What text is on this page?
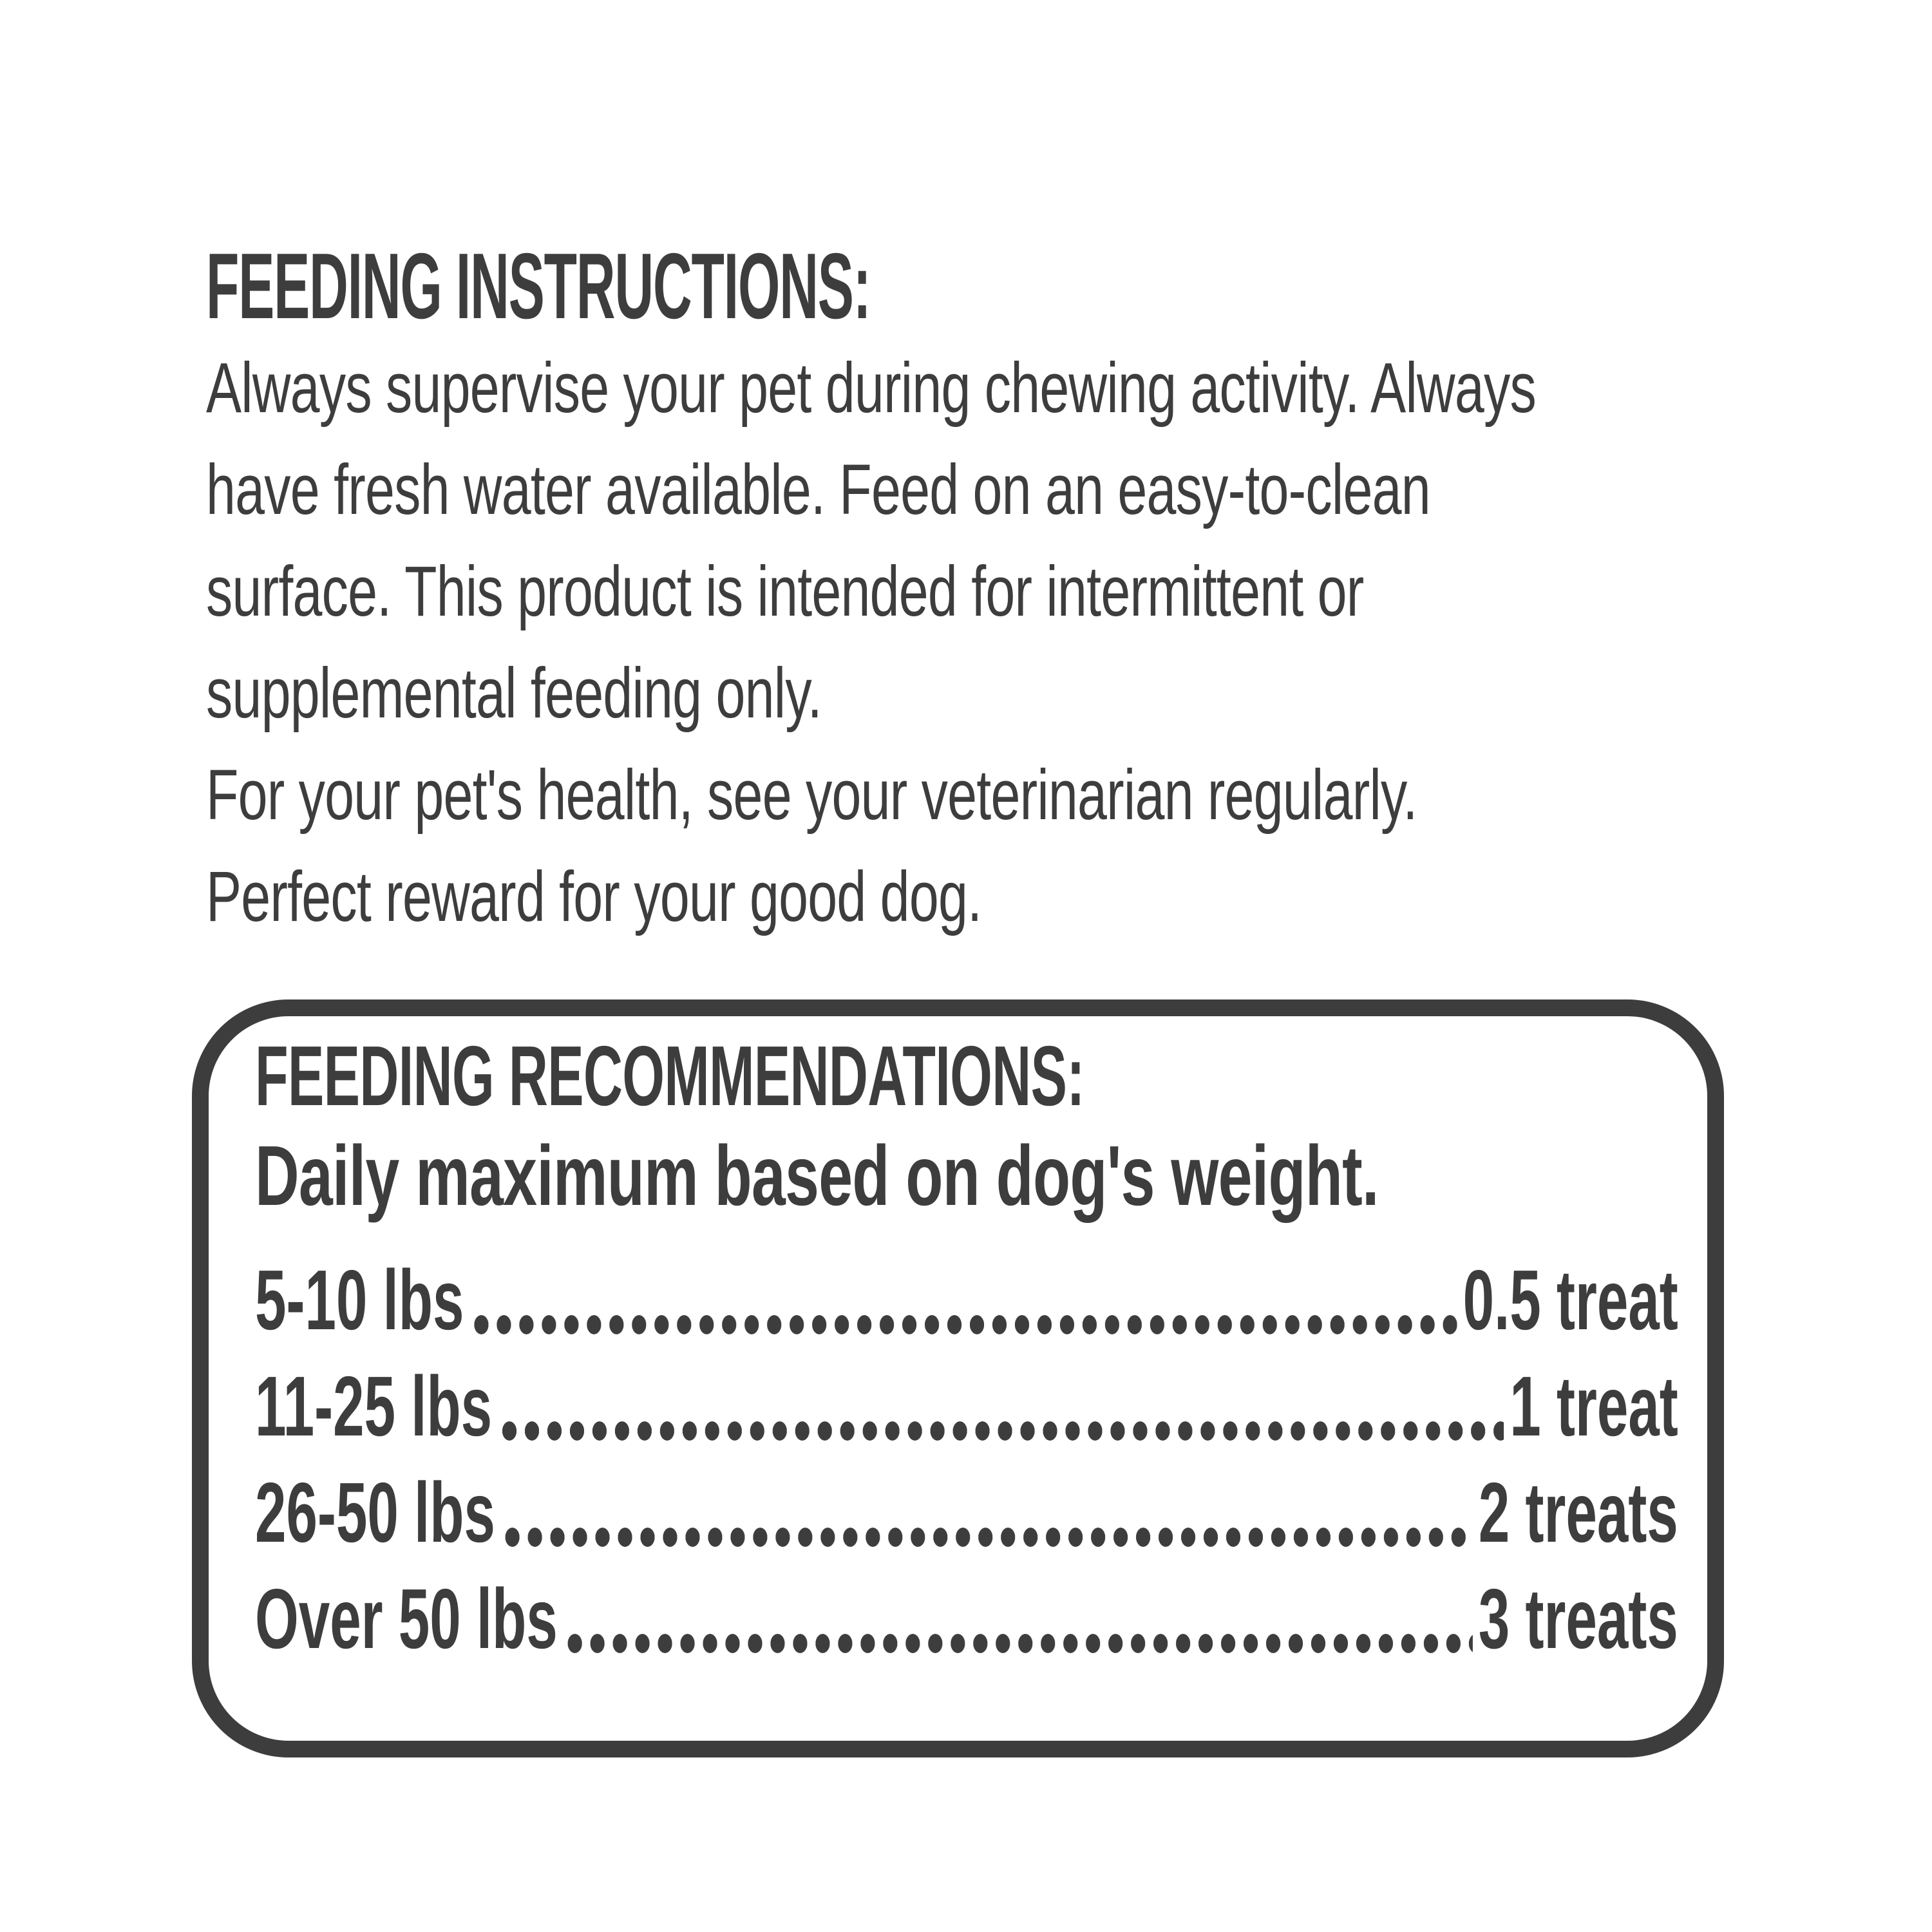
FEEDING INSTRUCTIONS:
Always supervise your pet during chewing activity. Always
have fresh water available. Feed on an easy-to-clean
surface. This product is intended for intermittent or
supplemental feeding only.
For your pet's health, see your veterinarian regularly.
Perfect reward for your good dog.
FEEDING RECOMMENDATIONS:
Daily maximum based on dog's weight.
5-10 lbs	0.5 treat
11-25 lbs	1 treat
26-50 lbs	2 treats
Over 50 lbs	3 treats
